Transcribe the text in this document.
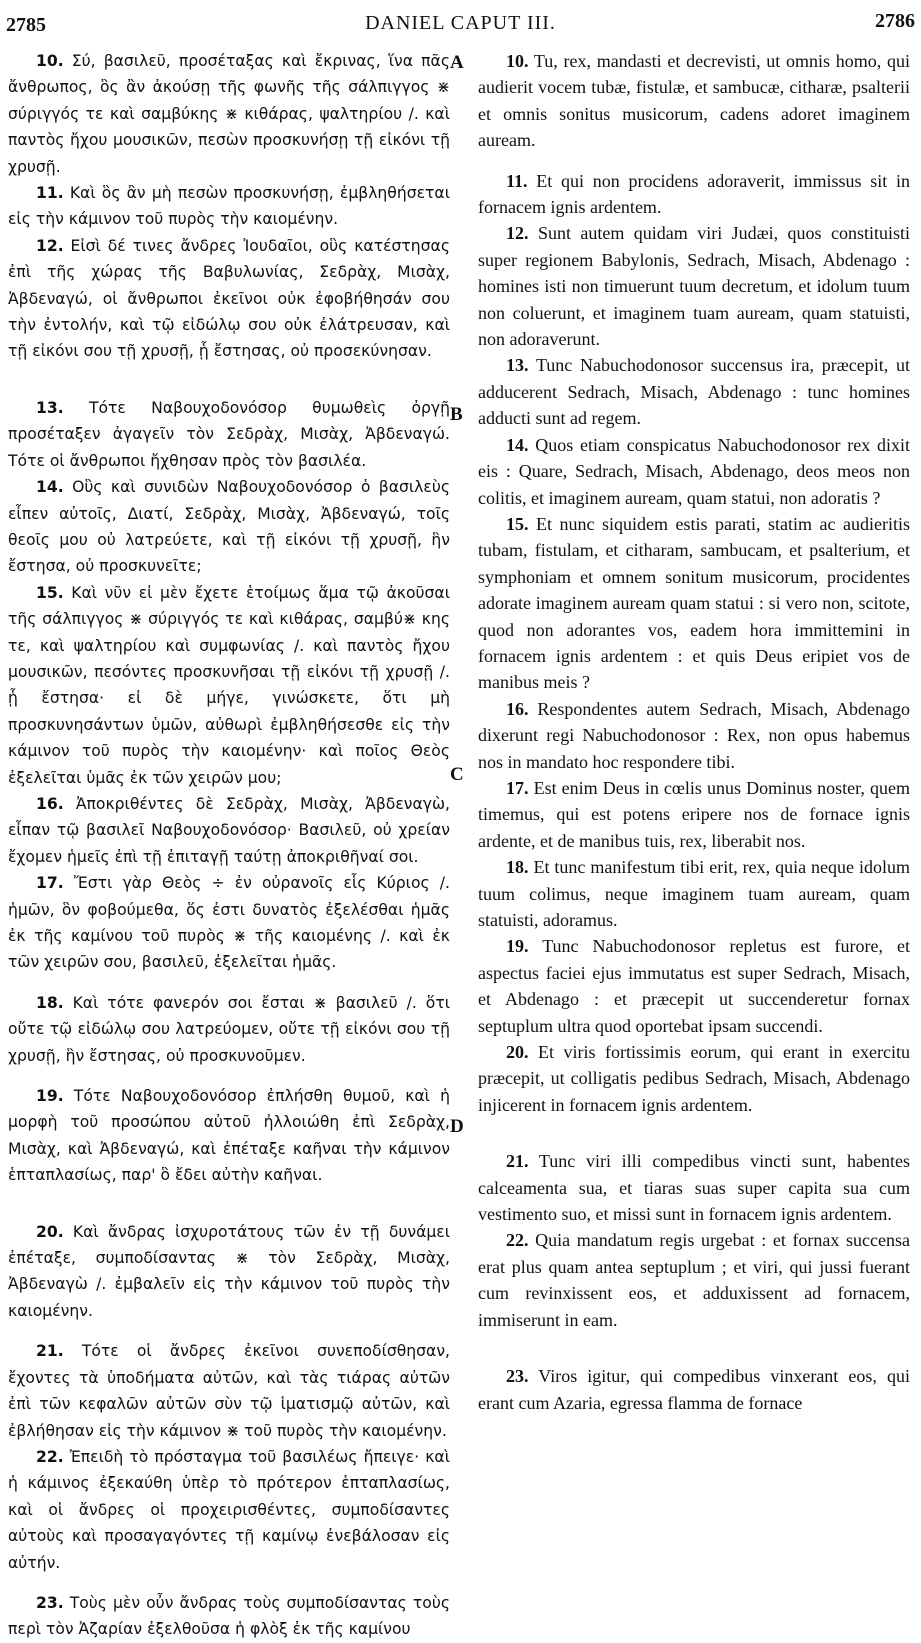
2785	DANIEL CAPUT III.	2786
A
B
C
D

10. Σύ, βασιλεῦ, προσέταξας καὶ ἔκρινας, ἵνα πᾶς ἄνθρωπος, ὃς ἂν ἀκούσῃ τῆς φωνῆς τῆς σάλπιγγος ⋇ σύριγγός τε καὶ σαμβύκης ⋇ κιθάρας, ψαλτηρίου /. καὶ παντὸς ἤχου μουσικῶν, πεσὼν προσκυνήσῃ τῇ εἰκόνι τῇ χρυσῇ.

11. Καὶ ὃς ἂν μὴ πεσὼν προσκυνήσῃ, ἐμβληθήσεται εἰς τὴν κάμινον τοῦ πυρὸς τὴν καιομένην.

12. Εἰσὶ δέ τινες ἄνδρες Ἰουδαῖοι, οὓς κατέστησας ἐπὶ τῆς χώρας τῆς Βαβυλωνίας, Σεδρὰχ, Μισὰχ, Ἀβδεναγώ, οἱ ἄνθρωποι ἐκεῖνοι οὐκ ἐφοβήθησάν σου τὴν ἐντολήν, καὶ τῷ εἰδώλῳ σου οὐκ ἐλάτρευσαν, καὶ τῇ εἰκόνι σου τῇ χρυσῇ, ᾗ ἔστησας, οὐ προσεκύνησαν.

13. Τότε Ναβουχοδονόσορ θυμωθεὶς ὀργῇ προσέταξεν ἀγαγεῖν τὸν Σεδρὰχ, Μισὰχ, Ἀβδεναγώ. Τότε οἱ ἄνθρωποι ἤχθησαν πρὸς τὸν βασιλέα.

14. Οὓς καὶ συνιδὼν Ναβουχοδονόσορ ὁ βασιλεὺς εἶπεν αὐτοῖς, Διατί, Σεδρὰχ, Μισὰχ, Ἀβδεναγώ, τοῖς θεοῖς μου οὐ λατρεύετε, καὶ τῇ εἰκόνι τῇ χρυσῇ, ἣν ἔστησα, οὐ προσκυνεῖτε;

15. Καὶ νῦν εἰ μὲν ἔχετε ἑτοίμως ἅμα τῷ ἀκοῦσαι τῆς σάλπιγγος ⋇ σύριγγός τε καὶ κιθάρας, σαμβύ⋇ κης τε, καὶ ψαλτηρίου καὶ συμφωνίας /. καὶ παντὸς ἤχου μουσικῶν, πεσόντες προσκυνῆσαι τῇ εἰκόνι τῇ χρυσῇ /. ᾗ ἔστησα· εἰ δὲ μήγε, γινώσκετε, ὅτι μὴ προσκυνησάντων ὑμῶν, αὐθωρὶ ἐμβληθήσεσθε εἰς τὴν κάμινον τοῦ πυρὸς τὴν καιομένην· καὶ ποῖος Θεὸς ἐξελεῖται ὑμᾶς ἐκ τῶν χειρῶν μου;

16. Ἀποκριθέντες δὲ Σεδρὰχ, Μισὰχ, Ἀβδεναγὼ, εἶπαν τῷ βασιλεῖ Ναβουχοδονόσορ· Βασιλεῦ, οὐ χρείαν ἔχομεν ἡμεῖς ἐπὶ τῇ ἐπιταγῇ ταύτῃ ἀποκριθῆναί σοι.

17. Ἔστι γὰρ Θεὸς ÷ ἐν οὐρανοῖς εἷς Κύριος /. ἡμῶν, ὃν φοβούμεθα, ὅς ἐστι δυνατὸς ἐξελέσθαι ἡμᾶς ἐκ τῆς καμίνου τοῦ πυρὸς ⋇ τῆς καιομένης /. καὶ ἐκ τῶν χειρῶν σου, βασιλεῦ, ἐξελεῖται ἡμᾶς.

18. Καὶ τότε φανερόν σοι ἔσται ⋇ βασιλεῦ /. ὅτι οὔτε τῷ εἰδώλῳ σου λατρεύομεν, οὔτε τῇ εἰκόνι σου τῇ χρυσῇ, ἣν ἔστησας, οὐ προσκυνοῦμεν.

19. Τότε Ναβουχοδονόσορ ἐπλήσθη θυμοῦ, καὶ ἡ μορφὴ τοῦ προσώπου αὐτοῦ ἠλλοιώθη ἐπὶ Σεδρὰχ, Μισὰχ, καὶ Ἀβδεναγώ, καὶ ἐπέταξε καῆναι τὴν κάμινον ἑπταπλασίως, παρ' ὃ ἔδει αὐτὴν καῆναι.

20. Καὶ ἄνδρας ἰσχυροτάτους τῶν ἐν τῇ δυνάμει ἐπέταξε, συμποδίσαντας ⋇ τὸν Σεδρὰχ, Μισὰχ, Ἀβδεναγὼ /. ἐμβαλεῖν εἰς τὴν κάμινον τοῦ πυρὸς τὴν καιομένην.

21. Τότε οἱ ἄνδρες ἐκεῖνοι συνεποδίσθησαν, ἔχοντες τὰ ὑποδήματα αὐτῶν, καὶ τὰς τιάρας αὐτῶν ἐπὶ τῶν κεφαλῶν αὐτῶν σὺν τῷ ἱματισμῷ αὐτῶν, καὶ ἐβλήθησαν εἰς τὴν κάμινον ⋇ τοῦ πυρὸς τὴν καιομένην.

22. Ἐπειδὴ τὸ πρόσταγμα τοῦ βασιλέως ἤπειγε· καὶ ἡ κάμινος ἐξεκαύθη ὑπὲρ τὸ πρότερον ἑπταπλασίως, καὶ οἱ ἄνδρες οἱ προχειρισθέντες, συμποδίσαντες αὐτοὺς καὶ προσαγαγόντες τῇ καμίνῳ ἐνεβάλοσαν εἰς αὐτήν.

23. Τοὺς μὲν οὖν ἄνδρας τοὺς συμποδίσαντας τοὺς περὶ τὸν Ἀζαρίαν ἐξελθοῦσα ἡ φλὸξ ἐκ τῆς καμίνου

10. Tu, rex, mandasti et decrevisti, ut omnis homo, qui audierit vocem tubæ, fistulæ, et sambucæ, citharæ, psalterii et omnis sonitus musicorum, cadens adoret imaginem auream.

11. Et qui non procidens adoraverit, immissus sit in fornacem ignis ardentem.

12. Sunt autem quidam viri Judæi, quos constituisti super regionem Babylonis, Sedrach, Misach, Abdenago : homines isti non timuerunt tuum decretum, et idolum tuum non coluerunt, et imaginem tuam auream, quam statuisti, non adoraverunt.

13. Tunc Nabuchodonosor succensus ira, præcepit, ut adducerent Sedrach, Misach, Abdenago : tunc homines adducti sunt ad regem.

14. Quos etiam conspicatus Nabuchodonosor rex dixit eis : Quare, Sedrach, Misach, Abdenago, deos meos non colitis, et imaginem auream, quam statui, non adoratis ?

15. Et nunc siquidem estis parati, statim ac audieritis tubam, fistulam, et citharam, sambucam, et psalterium, et symphoniam et omnem sonitum musicorum, procidentes adorate imaginem auream quam statui : si vero non, scitote, quod non adorantes vos, eadem hora immittemini in fornacem ignis ardentem : et quis Deus eripiet vos de manibus meis ?

16. Respondentes autem Sedrach, Misach, Abdenago dixerunt regi Nabuchodonosor : Rex, non opus habemus nos in mandato hoc respondere tibi.

17. Est enim Deus in cœlis unus Dominus noster, quem timemus, qui est potens eripere nos de fornace ignis ardente, et de manibus tuis, rex, liberabit nos.

18. Et tunc manifestum tibi erit, rex, quia neque idolum tuum colimus, neque imaginem tuam auream, quam statuisti, adoramus.

19. Tunc Nabuchodonosor repletus est furore, et aspectus faciei ejus immutatus est super Sedrach, Misach, et Abdenago : et præcepit ut succenderetur fornax septuplum ultra quod oportebat ipsam succendi.

20. Et viris fortissimis eorum, qui erant in exercitu præcepit, ut colligatis pedibus Sedrach, Misach, Abdenago injicerent in fornacem ignis ardentem.

21. Tunc viri illi compedibus vincti sunt, habentes calceamenta sua, et tiaras suas super capita sua cum vestimento suo, et missi sunt in fornacem ignis ardentem.

22. Quia mandatum regis urgebat : et fornax succensa erat plus quam antea septuplum ; et viri, qui jussi fuerant cum revinxissent eos, et adduxissent ad fornacem, immiserunt in eam.

23. Viros igitur, qui compedibus vinxerant eos, qui erant cum Azaria, egressa flamma de fornace
